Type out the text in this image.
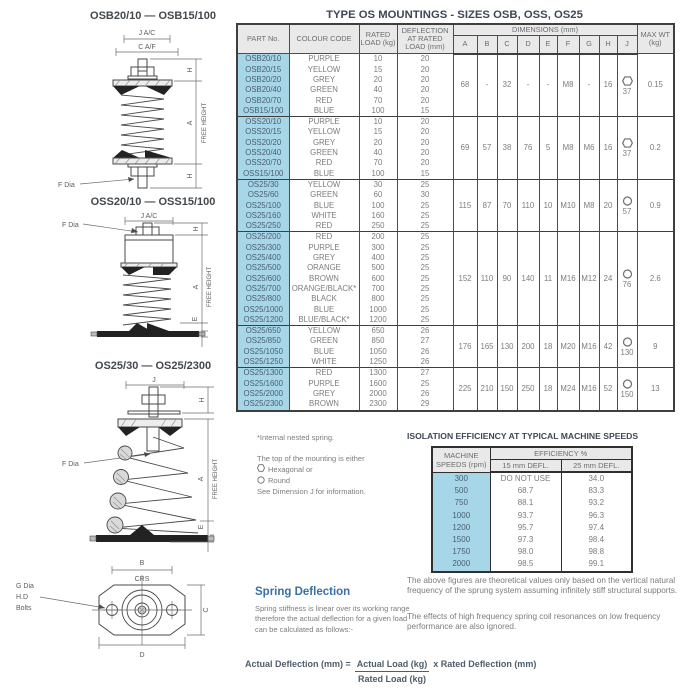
OSB20/10 — OSB15/100
J A/C
C A/F
H
A FREE HEIGHT
H
F Dia
OSS20/10 — OSS15/100
F Dia
J A/C
H
A FREE HEIGHT
E
OS25/30 — OS25/2300
J
F Dia
H
A FREE HEIGHT
E
B
CRS
G Dia
H.D
Bolts	C
D
TYPE OS MOUNTINGS - SIZES OSB, OSS, OS25
PART No.	COLOUR CODE	RATED LOAD (kg)	DEFLECTION AT RATED LOAD (mm)	DIMENSIONS (mm)									MAX WT (kg)
				A	B	C	D	E	F	G	H	J	
OSB20/10	PURPLE	10	20	68	-	32	-	-	M8	-	16	37	0.15
OSB20/15	YELLOW	15	20										
OSB20/20	GREY	20	20										
OSB20/40	GREEN	40	20										
OSB20/70	RED	70	20										
OSB15/100	BLUE	100	15										
OSS20/10	PURPLE	10	20	69	57	38	76	5	M8	M6	16	37	0.2
OSS20/15	YELLOW	15	20										
OSS20/20	GREY	20	20										
OSS20/40	GREEN	40	20										
OSS20/70	RED	70	20										
OSS15/100	BLUE	100	15										
OS25/30	YELLOW	30	25	115	87	70	110	10	M10	M8	20	57	0.9
OS25/60	GREEN	60	30										
OS25/100	BLUE	100	25										
OS25/160	WHITE	160	25										
OS25/250	RED	250	25										
OS25/200	RED	200	25	152	110	90	140	11	M16	M12	24	76	2.6
OS25/300	PURPLE	300	25										
OS25/400	GREY	400	25										
OS25/500	ORANGE	500	25										
OS25/600	BROWN	600	25										
OS25/700	ORANGE/BLACK*	700	25										
OS25/800	BLACK	800	25										
OS25/1000	BLUE	1000	25										
OS25/1200	BLUE/BLACK*	1200	25										
OS25/650	YELLOW	650	26	176	165	130	200	18	M20	M16	42	130	9
OS25/850	GREEN	850	27										
OS25/1050	BLUE	1050	26										
OS25/1250	WHITE	1250	26										
OS25/1300	RED	1300	27	225	210	150	250	18	M24	M16	52	150	13
OS25/1600	PURPLE	1600	25										
OS25/2000	GREY	2000	26										
OS25/2300	BROWN	2300	29										
*Internal nested spring.
The top of the mounting is either
Hexagonal or
Round
See Dimension J for information.
ISOLATION EFFICIENCY AT TYPICAL MACHINE SPEEDS
MACHINE SPEEDS (rpm)	EFFICIENCY %	
	15 mm DEFL.	25 mm DEFL.
300	DO NOT USE	34.0
500	68.7	83.3
750	88.1	93.2
1000	93.7	96.3
1200	95.7	97.4
1500	97.3	98.4
1750	98.0	98.8
2000	98.5	99.1
The above figures are theoretical values only based on the vertical natural frequency of the sprung system assuming infinitely stiff structural supports.
The effects of high frequency spring coil resonances on low frequency performance are also ignored.
Spring Deflection
Spring stiffness is linear over its working range therefore the actual deflection for a given load can be calculated as follows:-
Actual Deflection $(mm) = \frac{\text{Actual Load (kg)}}{\text{Rated Load (kg)}}$ x Rated Deflection (mm)
